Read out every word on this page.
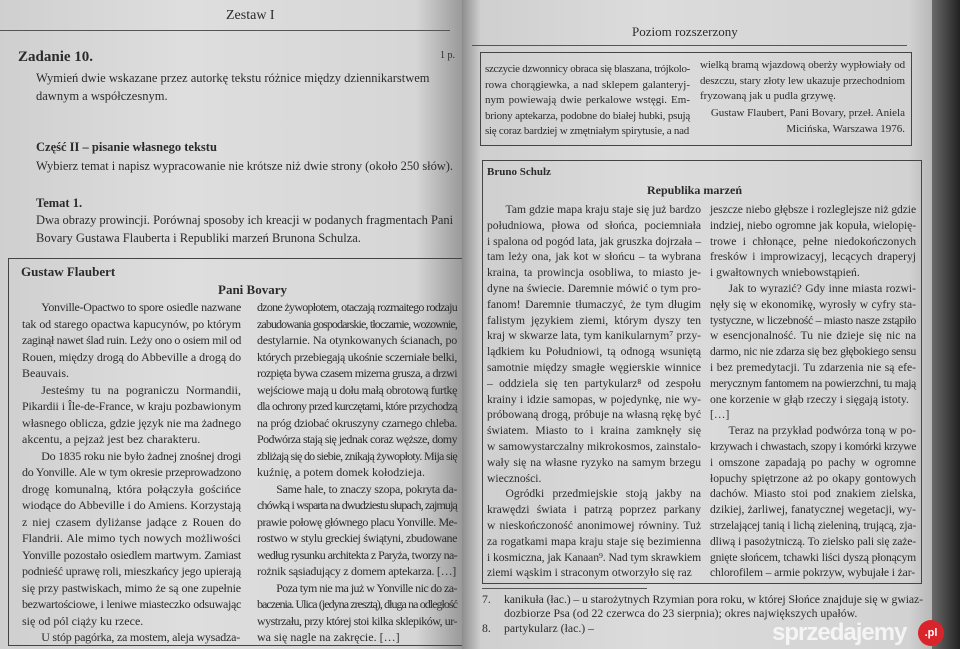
Zestaw I
Zadanie 10.	1 p.
Wymień dwie wskazane przez autorkę tekstu różnice między dziennikarstwem
dawnym a współczesnym.
Część II – pisanie własnego tekstu
Wybierz temat i napisz wypracowanie nie krótsze niż dwie strony (około 250 słów).
Temat 1.
Dwa obrazy prowincji. Porównaj sposoby ich kreacji w podanych fragmentach Pani
Bovary Gustawa Flauberta i Republiki marzeń Brunona Schulza.
Gustaw Flaubert
Pani Bovary
Yonville-Opactwo to spore osiedle nazwane
tak od starego opactwa kapucynów, po którym
zaginął nawet ślad ruin. Leży ono o osiem mil od
Rouen, między drogą do Abbeville a drogą do
Beauvais.
Jesteśmy tu na pograniczu Normandii,
Pikardii i Île-de-France, w kraju pozbawionym
własnego oblicza, gdzie język nie ma żadnego
akcentu, a pejzaż jest bez charakteru.
Do 1835 roku nie było żadnej znośnej drogi
do Yonville. Ale w tym okresie przeprowadzono
drogę komunalną, która połączyła gościńce
wiodące do Abbeville i do Amiens. Korzystają
z niej czasem dyliżanse jadące z Rouen do
Flandrii. Ale mimo tych nowych możliwości
Yonville pozostało osiedlem martwym. Zamiast
podnieść uprawę roli, mieszkańcy jego upierają
się przy pastwiskach, mimo że są one zupełnie
bezwartościowe, i leniwe miasteczko odsuwając
się od pól ciąży ku rzece.
U stóp pagórka, za mostem, aleja wysadza-
dzone żywopłotem, otaczają rozmaitego rodzaju
zabudowania gospodarskie, tłoczarnie, wozownie,
destylarnie. Na otynkowanych ścianach, po
których przebiegają ukośnie sczerniałe belki,
rozpięta bywa czasem mizerna grusza, a drzwi
wejściowe mają u dołu małą obrotową furtkę
dla ochrony przed kurczętami, które przychodzą
na próg dziobać okruszyny czarnego chleba.
Podwórza stają się jednak coraz węższe, domy
zbliżają się do siebie, znikają żywopłoty. Mija się
kuźnię, a potem domek kołodzieja.
Same hale, to znaczy szopa, pokryta da-
chówką i wsparta na dwudziestu słupach, zajmują
prawie połowę głównego placu Yonville. Me-
rostwo w stylu greckiej świątyni, zbudowane
według rysunku architekta z Paryża, tworzy na-
rożnik sąsiadujący z domem aptekarza. […]
Poza tym nie ma już w Yonville nic do za-
baczenia. Ulica (jedyna zresztą), długa na odległość
wystrzału, przy której stoi kilka sklepików, ur-
wa się nagle na zakręcie. […]
Poziom rozszerzony
szczycie dzwonnicy obraca się blaszana, trójkolo-
rowa chorągiewka, a nad sklepem galanteryj-
nym powiewają dwie perkalowe wstęgi. Em-
briony aptekarza, podobne do białej hubki, psują
się coraz bardziej w zmętniałym spirytusie, a nad
wielką bramą wjazdową oberży wypłowiały od
deszczu, stary złoty lew ukazuje przechodniom
fryzowaną jak u pudla grzywę.
Gustaw Flaubert, Pani Bovary, przeł. Aniela
Micińska, Warszawa 1976.
Bruno Schulz
Republika marzeń
Tam gdzie mapa kraju staje się już bardzo
południowa, płowa od słońca, pociemniała
i spalona od pogód lata, jak gruszka dojrzała –
tam leży ona, jak kot w słońcu – ta wybrana
kraina, ta prowincja osobliwa, to miasto je-
dyne na świecie. Daremnie mówić o tym pro-
fanom! Daremnie tłumaczyć, że tym długim
falistym językiem ziemi, którym dyszy ten
kraj w skwarze lata, tym kanikularnym⁷ przy-
lądkiem ku Południowi, tą odnogą wsuniętą
samotnie między smagłe węgierskie winnice
– oddziela się ten partykularz⁸ od zespołu
krainy i idzie samopas, w pojedynkę, nie wy-
próbowaną drogą, próbuje na własną rękę być
światem. Miasto to i kraina zamknęły się
w samowystarczalny mikrokosmos, zainstalo-
wały się na własne ryzyko na samym brzegu
wieczności.
Ogródki przedmiejskie stoją jakby na
krawędzi świata i patrzą poprzez parkany
w nieskończoność anonimowej równiny. Tuż
za rogatkami mapa kraju staje się bezimienna
i kosmiczna, jak Kanaan⁹. Nad tym skrawkiem
ziemi wąskim i straconym otworzyło się raz
jeszcze niebo głębsze i rozleglejsze niż gdzie
indziej, niebo ogromne jak kopuła, wielopię-
trowe i chłonące, pełne niedokończonych
fresków i improwizacyj, lecących draperyj
i gwałtownych wniebowstąpień.
Jak to wyrazić? Gdy inne miasta rozwi-
nęły się w ekonomikę, wyrosły w cyfry sta-
tystyczne, w liczebność – miasto nasze zstąpiło
w esencjonalność. Tu nie dzieje się nic na
darmo, nic nie zdarza się bez głębokiego sensu
i bez premedytacji. Tu zdarzenia nie są efe-
merycznym fantomem na powierzchni, tu mają
one korzenie w głąb rzeczy i sięgają istoty.
[…]
Teraz na przykład podwórza toną w po-
krzywach i chwastach, szopy i komórki krzywe
i omszone zapadają po pachy w ogromne
łopuchy spiętrzone aż po okapy gontowych
dachów. Miasto stoi pod znakiem zielska,
dzikiej, żarliwej, fanatycznej wegetacji, wy-
strzelającej tanią i lichą zieleniną, trującą, zja-
dliwą i pasożytniczą. To zielsko pali się zaże-
gnięte słońcem, tchawki liści dyszą płonącym
chlorofilem – armie pokrzyw, wybujałe i żar-
7. kanikuła (łac.) – u starożytnych Rzymian pora roku, w której Słońce znajduje się w gwiaz-
dozbiorze Psa (od 22 czerwca do 23 sierpnia); okres największych upałów.
8. partykularz (łac.) –	sprzedajemy	.pl
